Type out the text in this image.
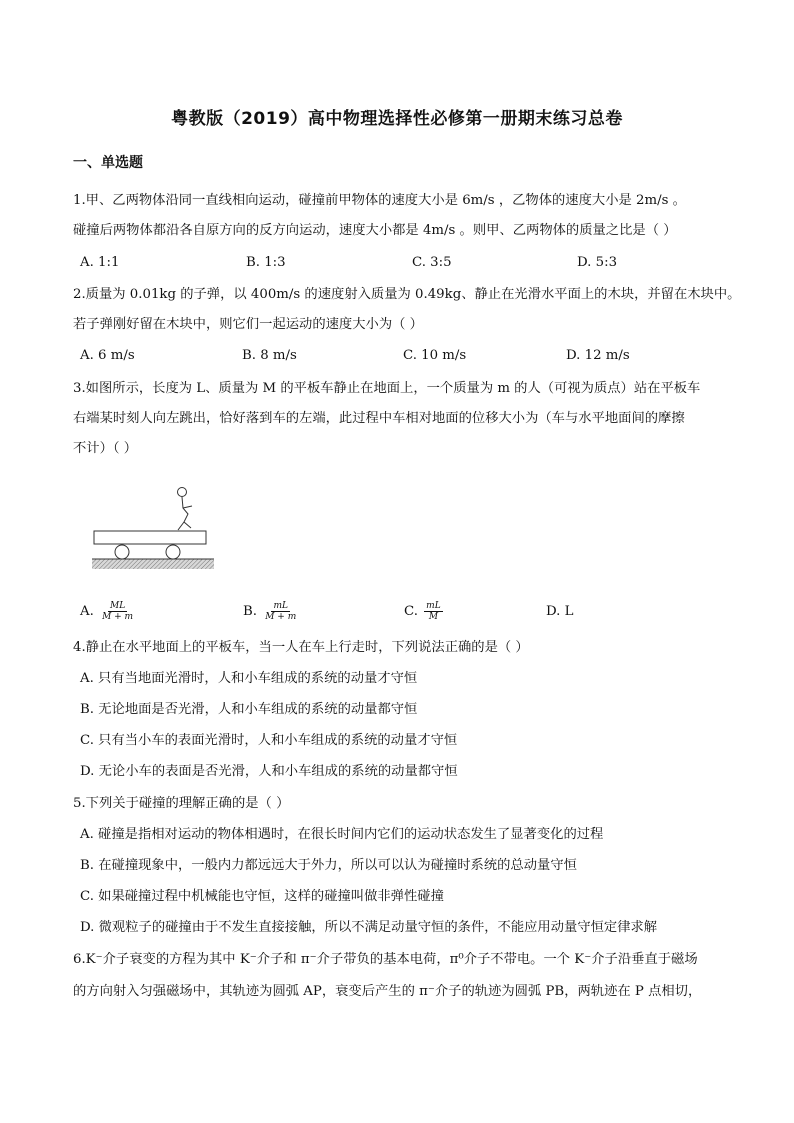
粤教版（2019）高中物理选择性必修第一册期末练习总卷
一、单选题
1.甲、乙两物体沿同一直线相向运动，碰撞前甲物体的速度大小是 6m/s ，乙物体的速度大小是 2m/s 。
碰撞后两物体都沿各自原方向的反方向运动，速度大小都是 4m/s 。则甲、乙两物体的质量之比是（ ）
A. 1:1	B. 1:3	C. 3:5	D. 5:3
2.质量为 0.01kg 的子弹，以 400m/s 的速度射入质量为 0.49kg、静止在光滑水平面上的木块，并留在木块中。
若子弹刚好留在木块中，则它们一起运动的速度大小为（ ）
A. 6 m/s	B. 8 m/s	C. 10 m/s	D. 12 m/s
3.如图所示，长度为 L、质量为 M 的平板车静止在地面上，一个质量为 m 的人（可视为质点）站在平板车
右端某时刻人向左跳出，恰好落到车的左端，此过程中车相对地面的位移大小为（车与水平地面间的摩擦
不计）（ ）
A. $\frac{ML}{M + m}$	B. $\frac{mL}{M + m}$	C. $\frac{mL}{M}$	D. L
4.静止在水平地面上的平板车，当一人在车上行走时，下列说法正确的是（ ）
A. 只有当地面光滑时，人和小车组成的系统的动量才守恒
B. 无论地面是否光滑，人和小车组成的系统的动量都守恒
C. 只有当小车的表面光滑时，人和小车组成的系统的动量才守恒
D. 无论小车的表面是否光滑，人和小车组成的系统的动量都守恒
5.下列关于碰撞的理解正确的是（ ）
A. 碰撞是指相对运动的物体相遇时，在很长时间内它们的运动状态发生了显著变化的过程
B. 在碰撞现象中，一般内力都远远大于外力，所以可以认为碰撞时系统的总动量守恒
C. 如果碰撞过程中机械能也守恒，这样的碰撞叫做非弹性碰撞
D. 微观粒子的碰撞由于不发生直接接触，所以不满足动量守恒的条件，不能应用动量守恒定律求解
6.K⁻介子衰变的方程为其中 K⁻介子和 π⁻介子带负的基本电荷，π⁰介子不带电。一个 K⁻介子沿垂直于磁场
的方向射入匀强磁场中，其轨迹为圆弧 AP，衰变后产生的 π⁻介子的轨迹为圆弧 PB，两轨迹在 P 点相切，
